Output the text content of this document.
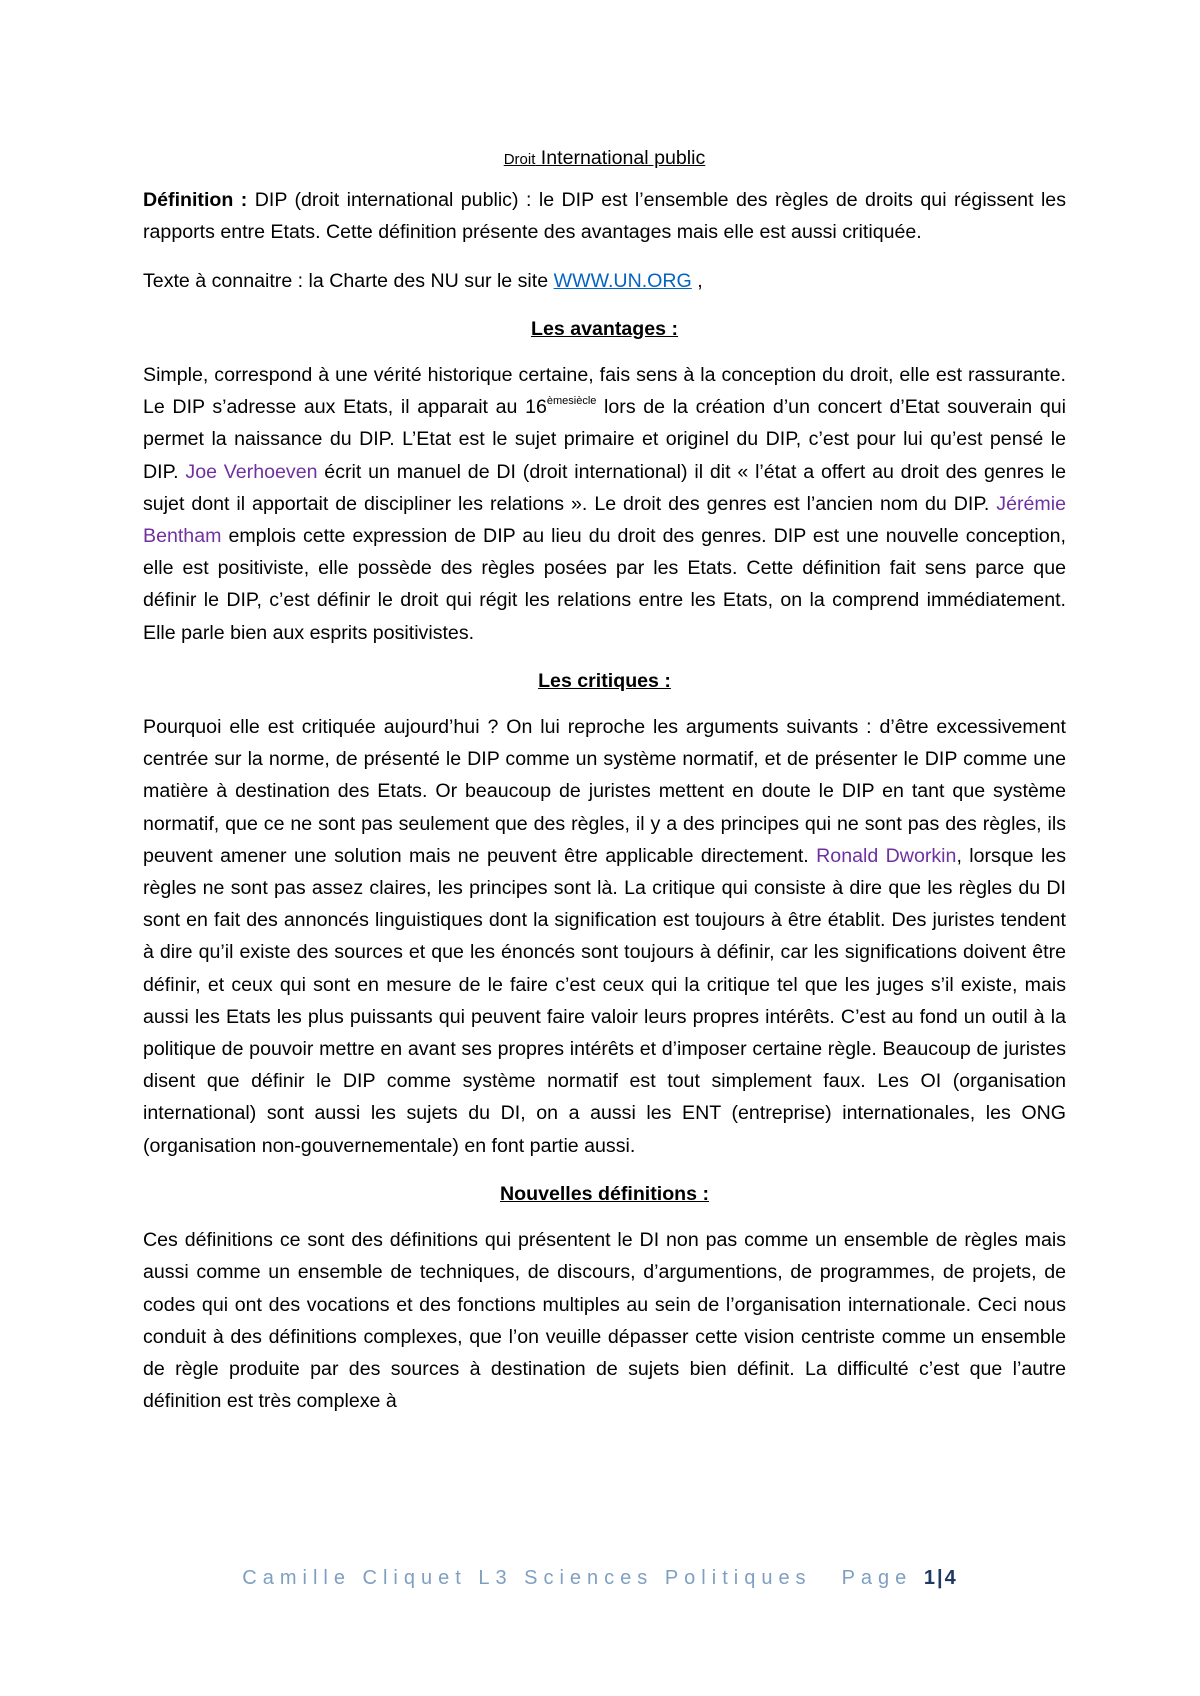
Droit International public

Définition : DIP (droit international public) : le DIP est l’ensemble des règles de droits qui régissent les rapports entre Etats. Cette définition présente des avantages mais elle est aussi critiquée.

Texte à connaitre : la Charte des NU sur le site WWW.UN.ORG ,

Les avantages :

Simple, correspond à une vérité historique certaine, fais sens à la conception du droit, elle est rassurante. Le DIP s’adresse aux Etats, il apparait au $16^{èmesiècle}$ lors de la création d’un concert d’Etat souverain qui permet la naissance du DIP. L’Etat est le sujet primaire et originel du DIP, c’est pour lui qu’est pensé le DIP. Joe Verhoeven écrit un manuel de DI (droit international) il dit « l’état a offert au droit des genres le sujet dont il apportait de discipliner les relations ». Le droit des genres est l’ancien nom du DIP. Jérémie Bentham emplois cette expression de DIP au lieu du droit des genres. DIP est une nouvelle conception, elle est positiviste, elle possède des règles posées par les Etats. Cette définition fait sens parce que définir le DIP, c’est définir le droit qui régit les relations entre les Etats, on la comprend immédiatement. Elle parle bien aux esprits positivistes.

Les critiques :

Pourquoi elle est critiquée aujourd’hui ? On lui reproche les arguments suivants : d’être excessivement centrée sur la norme, de présenté le DIP comme un système normatif, et de présenter le DIP comme une matière à destination des Etats. Or beaucoup de juristes mettent en doute le DIP en tant que système normatif, que ce ne sont pas seulement que des règles, il y a des principes qui ne sont pas des règles, ils peuvent amener une solution mais ne peuvent être applicable directement. Ronald Dworkin, lorsque les règles ne sont pas assez claires, les principes sont là. La critique qui consiste à dire que les règles du DI sont en fait des annoncés linguistiques dont la signification est toujours à être établit. Des juristes tendent à dire qu’il existe des sources et que les énoncés sont toujours à définir, car les significations doivent être définir, et ceux qui sont en mesure de le faire c’est ceux qui la critique tel que les juges s’il existe, mais aussi les Etats les plus puissants qui peuvent faire valoir leurs propres intérêts. C’est au fond un outil à la politique de pouvoir mettre en avant ses propres intérêts et d’imposer certaine règle. Beaucoup de juristes disent que définir le DIP comme système normatif est tout simplement faux. Les OI (organisation international) sont aussi les sujets du DI, on a aussi les ENT (entreprise) internationales, les ONG (organisation non-gouvernementale) en font partie aussi.

Nouvelles définitions :

Ces définitions ce sont des définitions qui présentent le DI non pas comme un ensemble de règles mais aussi comme un ensemble de techniques, de discours, d’argumentions, de programmes, de projets, de codes qui ont des vocations et des fonctions multiples au sein de l’organisation internationale. Ceci nous conduit à des définitions complexes, que l’on veuille dépasser cette vision centriste comme un ensemble de règle produite par des sources à destination de sujets bien définit. La difficulté c’est que l’autre définition est très complexe à

Camille Cliquet L3 Sciences Politiques Page 1|4
